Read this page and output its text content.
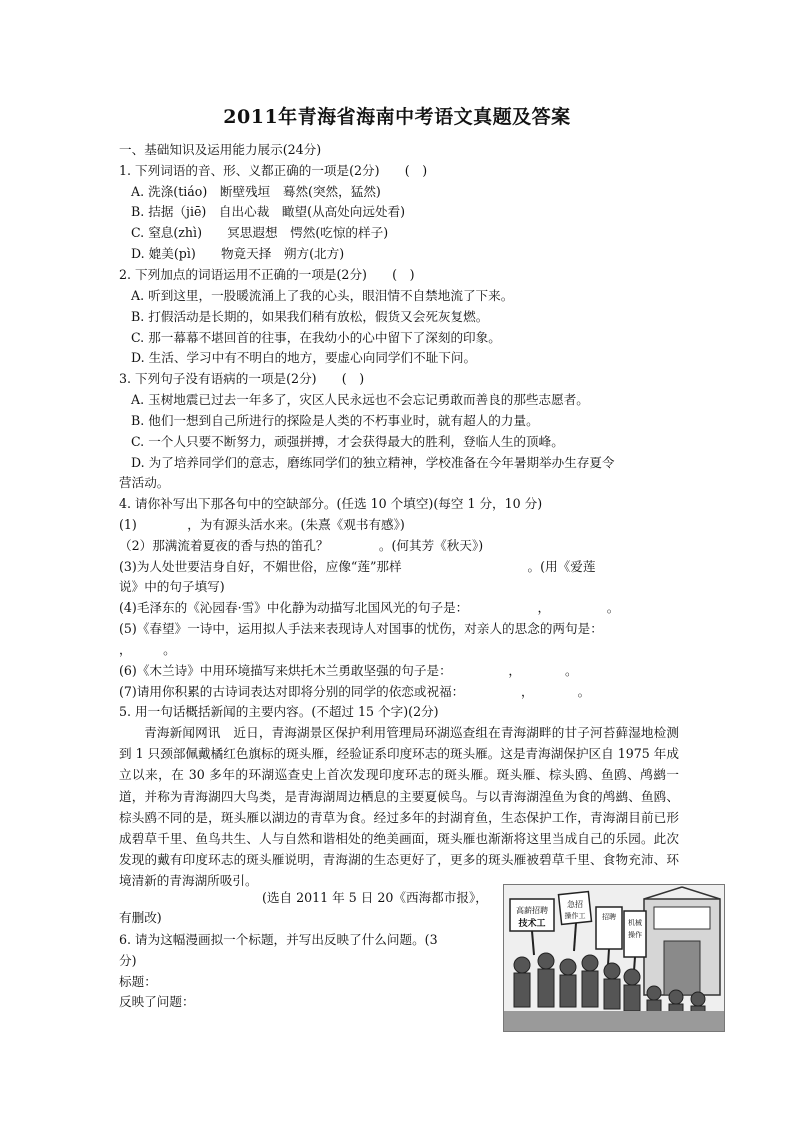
2011年青海省海南中考语文真题及答案
一、基础知识及运用能力展示(24分)
1. 下列词语的音、形、义都正确的一项是(2分)　　(　)
A. 洗涤(tiáo)　断壁残垣　蓦然(突然，猛然)
B. 拮据（jiē)　自出心裁　瞰望(从高处向远处看)
C. 窒息(zhì)　　冥思遐想　愕然(吃惊的样子)
D. 媲美(pì)　　物竟天择　朔方(北方)
2. 下列加点的词语运用不正确的一项是(2分)　　(　)
A. 听到这里，一股暖流涌上了我的心头，眼泪情不自禁地流了下来。
B. 打假活动是长期的，如果我们稍有放松，假货又会死灰复燃。
C. 那一幕幕不堪回首的往事，在我幼小的心中留下了深刻的印象。
D. 生活、学习中有不明白的地方，要虚心向同学们不耻下问。
3. 下列句子没有语病的一项是(2分)　　(　)
A. 玉树地震已过去一年多了，灾区人民永远也不会忘记勇敢而善良的那些志愿者。
B. 他们一想到自己所进行的探险是人类的不朽事业时，就有超人的力量。
C. 一个人只要不断努力，顽强拼搏，才会获得最大的胜利，登临人生的顶峰。
D. 为了培养同学们的意志，磨练同学们的独立精神，学校准备在今年暑期举办生存夏令
营活动。
4. 请你补写出下那各句中的空缺部分。(任选 10 个填空)(每空 1 分，10 分)
(1)　　　　，为有源头活水来。(朱熹《观书有感》)
（2）那满流着夏夜的香与热的笛孔？　　　　。(何其芳《秋天》)
(3)为人处世要洁身自好，不媚世俗，应像“莲”那样　　　　　　　　　　。(用《爱莲
说》中的句子填写)
(4)毛泽东的《沁园春·雪》中化静为动描写北国风光的句子是：　　　　　　，　　　　　。
(5)《春望》一诗中，运用拟人手法来表现诗人对国事的忧伤，对亲人的思念的两句是：
，　　　。
(6)《木兰诗》中用环境描写来烘托木兰勇敢坚强的句子是：　　　　　，　　　　。
(7)请用你积累的古诗词表达对即将分别的同学的依恋或祝福：　　　　　，　　　　。
5. 用一句话概括新闻的主要内容。(不超过 15 个字)(2分)
青海新闻网讯　近日，青海湖景区保护利用管理局环湖巡查组在青海湖畔的甘子河苔藓湿地检测到 1 只颈部佩戴橘红色旗标的斑头雁，经验证系印度环志的斑头雁。这是青海湖保护区自 1975 年成立以来，在 30 多年的环湖巡查史上首次发现印度环志的斑头雁。斑头雁、棕头鸥、鱼鸥、鸬鹚一道，并称为青海湖四大鸟类，是青海湖周边栖息的主要夏候鸟。与以青海湖湟鱼为食的鸬鹚、鱼鸥、棕头鸥不同的是，斑头雁以湖边的青草为食。经过多年的封湖育鱼，生态保护工作，青海湖目前已形成碧草千里、鱼鸟共生、人与自然和谐相处的绝美画面，斑头雁也渐渐将这里当成自己的乐园。此次发现的戴有印度环志的斑头雁说明，青海湖的生态更好了，更多的斑头雁被碧草千里、食物充沛、环境清新的青海湖所吸引。
(选自 2011 年 5 日 20《西海都市报》，
有删改)
6. 请为这幅漫画拟一个标题，并写出反映了什么问题。(3
分)
标题：
反映了问题：
高薪招聘
技术工
急招
操作工 招聘
机械
操作
